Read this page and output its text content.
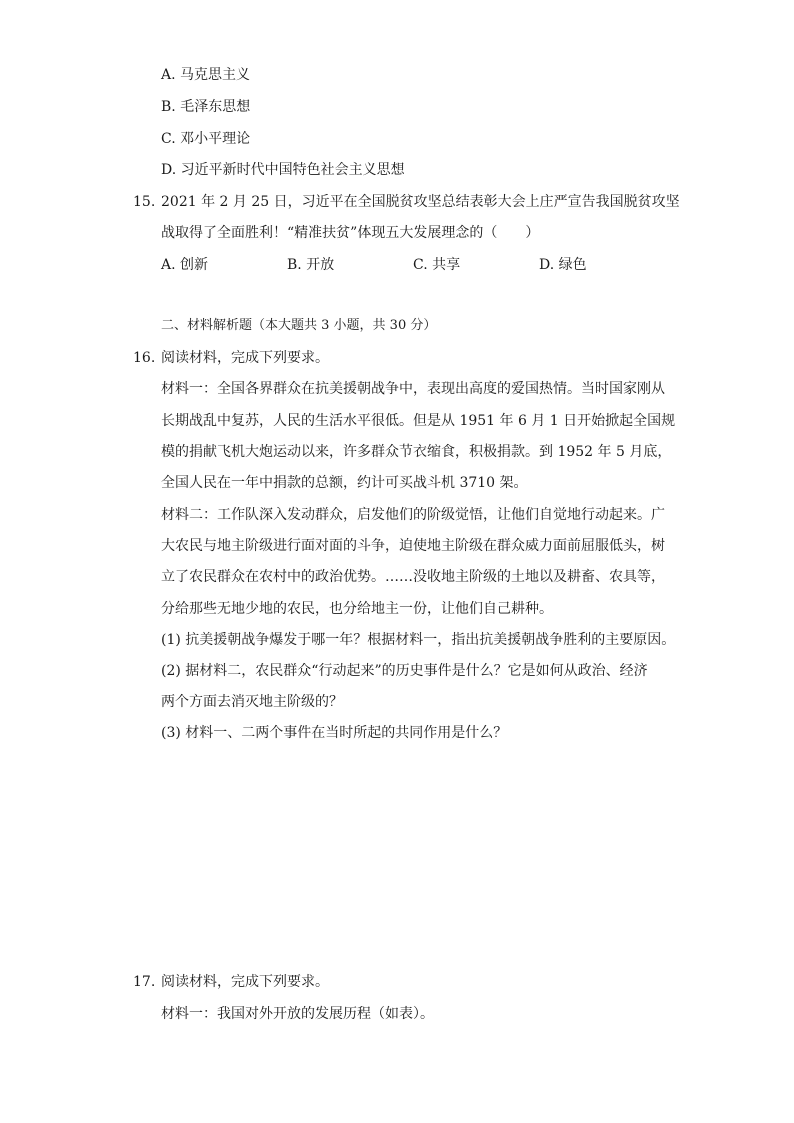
A. 马克思主义
B. 毛泽东思想
C. 邓小平理论
D. 习近平新时代中国特色社会主义思想
15. 2021 年 2 月 25 日，习近平在全国脱贫攻坚总结表彰大会上庄严宣告我国脱贫攻坚
战取得了全面胜利！“精准扶贫”体现五大发展理念的（　　）
A. 创新	B. 开放	C. 共享	D. 绿色
二、材料解析题（本大题共 3 小题，共 30 分）
16. 阅读材料，完成下列要求。
材料一：全国各界群众在抗美援朝战争中，表现出高度的爱国热情。当时国家刚从
长期战乱中复苏，人民的生活水平很低。但是从 1951 年 6 月 1 日开始掀起全国规
模的捐献飞机大炮运动以来，许多群众节衣缩食，积极捐款。到 1952 年 5 月底，
全国人民在一年中捐款的总额，约计可买战斗机 3710 架。
材料二：工作队深入发动群众，启发他们的阶级觉悟，让他们自觉地行动起来。广
大农民与地主阶级进行面对面的斗争，迫使地主阶级在群众威力面前屈服低头，树
立了农民群众在农村中的政治优势。……没收地主阶级的土地以及耕畜、农具等，
分给那些无地少地的农民，也分给地主一份，让他们自己耕种。
(1) 抗美援朝战争爆发于哪一年？根据材料一，指出抗美援朝战争胜利的主要原因。
(2) 据材料二，农民群众“行动起来”的历史事件是什么？它是如何从政治、经济
两个方面去消灭地主阶级的？
(3) 材料一、二两个事件在当时所起的共同作用是什么？
17. 阅读材料，完成下列要求。
材料一：我国对外开放的发展历程（如表）。
